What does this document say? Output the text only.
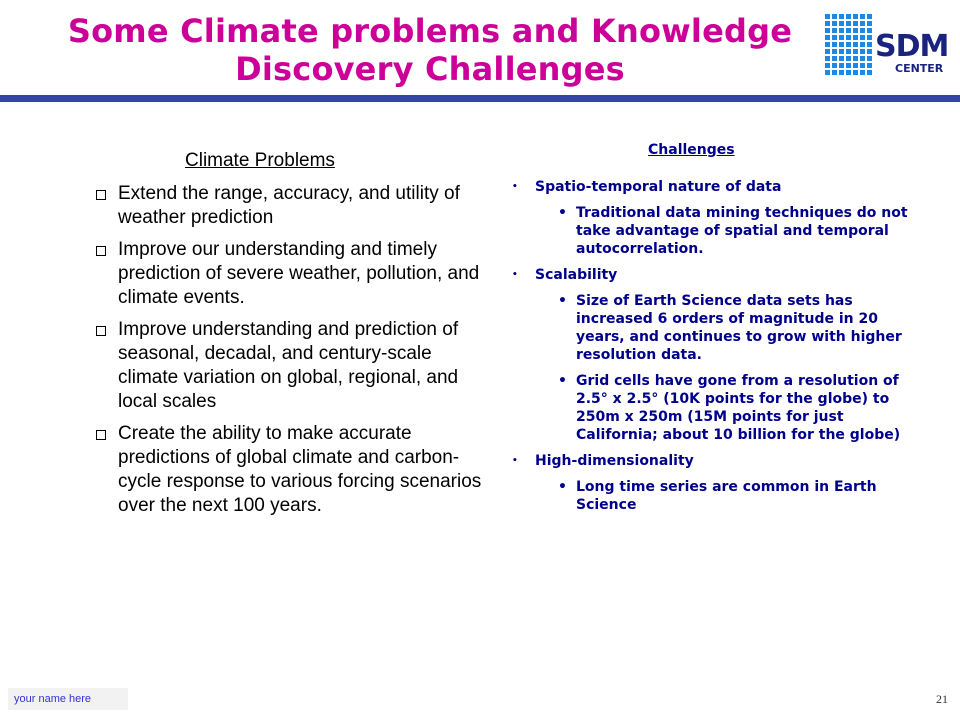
Some Climate problems and Knowledge
Discovery Challenges
SDM
CENTER
Climate Problems
Extend the range, accuracy, and utility of weather prediction
Improve our understanding and timely prediction of severe weather, pollution, and climate events.
Improve understanding and prediction of seasonal, decadal, and century-scale climate variation on global, regional, and local scales
Create the ability to make accurate predictions of global climate and carbon-cycle response to various forcing scenarios over the next 100 years.
Challenges
• Spatio-temporal nature of data
• Traditional data mining techniques do not take advantage of spatial and temporal autocorrelation.
• Scalability
• Size of Earth Science data sets has increased 6 orders of magnitude in 20 years, and continues to grow with higher resolution data.
• Grid cells have gone from a resolution of 2.5° x 2.5° (10K points for the globe) to 250m x 250m (15M points for just California; about 10 billion for the globe)
• High-dimensionality
• Long time series are common in Earth Science
your name here	21
